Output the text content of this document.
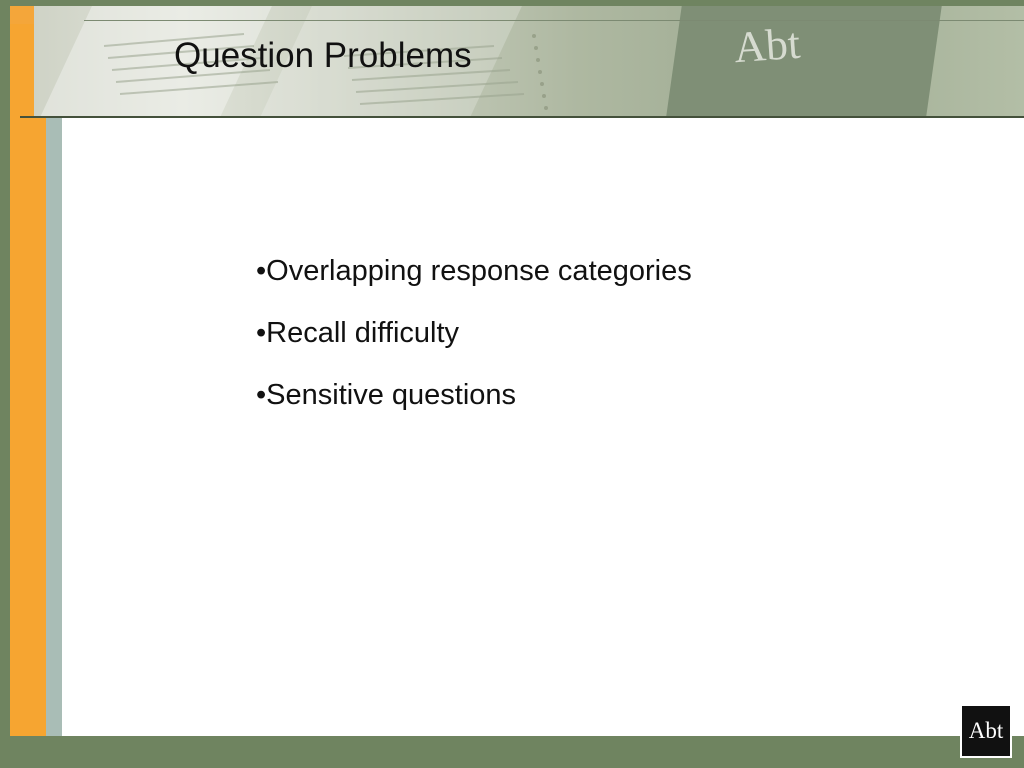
Abt
Question Problems
•Overlapping response categories
•Recall difficulty
•Sensitive questions
Abt
